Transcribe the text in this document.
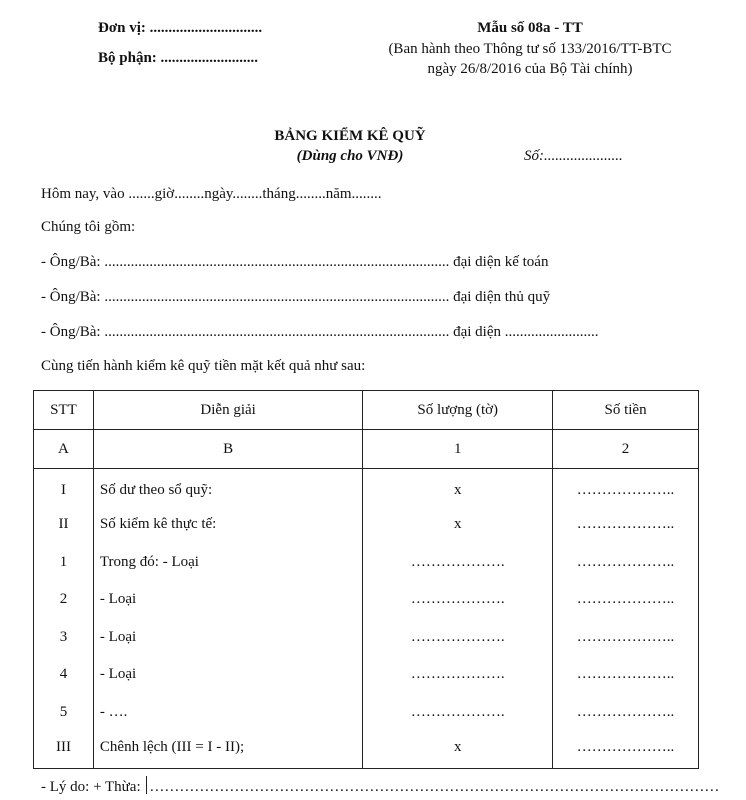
Đơn vị: ..............................
Bộ phận: ..........................
Mẫu số 08a - TT
(Ban hành theo Thông tư số 133/2016/TT-BTC
ngày 26/8/2016 của Bộ Tài chính)
BẢNG KIỂM KÊ QUỸ
(Dùng cho VNĐ)	Số:.....................
Hôm nay, vào .......giờ........ngày........tháng........năm........
Chúng tôi gồm:
- Ông/Bà: ............................................................................................ đại diện kế toán
- Ông/Bà: ............................................................................................ đại diện thủ quỹ
- Ông/Bà: ............................................................................................ đại diện .........................
Cùng tiến hành kiểm kê quỹ tiền mặt kết quả như sau:
STT	Diễn giải	Số lượng (tờ)	Số tiền
A	B	1	2
I	Số dư theo sổ quỹ:	x	………………..
II	Số kiểm kê thực tế:	x	………………..
1	Trong đó: - Loại	……………….	………………..
2	- Loại	……………….	………………..
3	- Loại	……………….	………………..
4	- Loại	……………….	………………..
5	- ….	……………….	………………..
III	Chênh lệch (III = I - II);	x	………………..
- Lý do: + Thừa: ……………………………………………………………………………………………………
